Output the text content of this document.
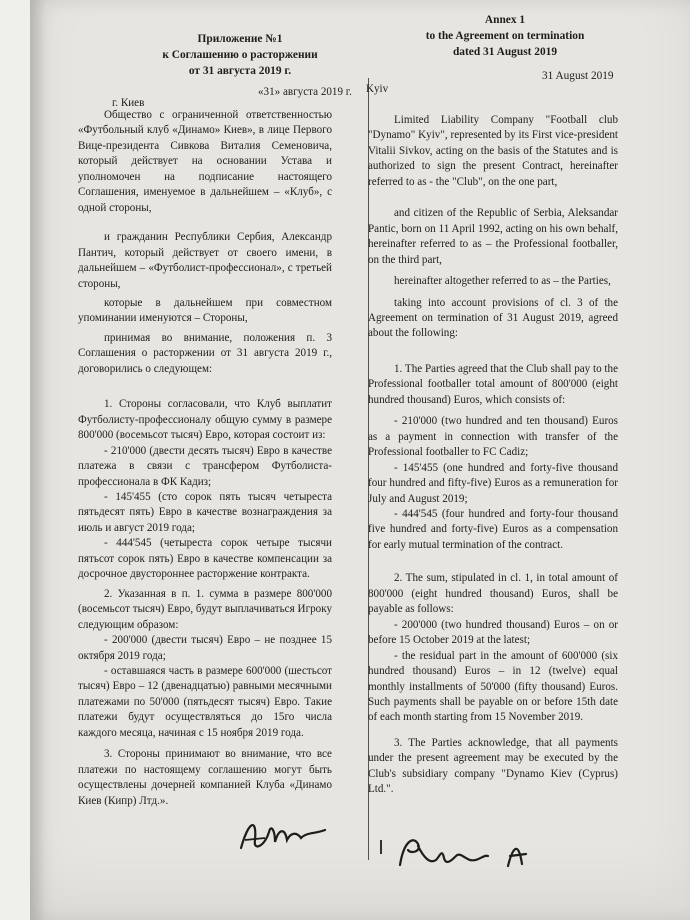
Приложение №1
к Соглашению о расторжении
от 31 августа 2019 г.
Annex 1
to the Agreement on termination
dated 31 August 2019
г. Киев
«31» августа 2019 г.
31 August 2019

Общество с ограниченной ответственностью «Футбольный клуб «Динамо» Киев», в лице Первого Вице-президента Сивкова Виталия Семеновича, который действует на основании Устава и уполномочен на подписание настоящего Соглашения, именуемое в дальнейшем – «Клуб», с одной стороны,

и гражданин Республики Сербия, Александр Пантич, который действует от своего имени, в дальнейшем – «Футболист-профессионал», с третьей стороны,

которые в дальнейшем при совместном упоминании именуются – Стороны,

принимая во внимание, положения п. 3 Соглашения о расторжении от 31 августа 2019 г., договорились о следующем:

1. Стороны согласовали, что Клуб выплатит Футболисту-профессионалу общую сумму в размере 800'000 (восемьсот тысяч) Евро, которая состоит из:

- 210'000 (двести десять тысяч) Евро в качестве платежа в связи с трансфером Футболиста-профессионала в ФК Кадиз;

- 145'455 (сто сорок пять тысяч четыреста пятьдесят пять) Евро в качестве вознаграждения за июль и август 2019 года;

- 444'545 (четыреста сорок четыре тысячи пятьсот сорок пять) Евро в качестве компенсации за досрочное двустороннее расторжение контракта.

2. Указанная в п. 1. сумма в размере 800'000 (восемьсот тысяч) Евро, будут выплачиваться Игроку следующим образом:

- 200'000 (двести тысяч) Евро – не позднее 15 октября 2019 года;

- оставшаяся часть в размере 600'000 (шестьсот тысяч) Евро – 12 (двенадцатью) равными месячными платежами по 50'000 (пятьдесят тысяч) Евро. Такие платежи будут осуществляться до 15го числа каждого месяца, начиная с 15 ноября 2019 года.

3. Стороны принимают во внимание, что все платежи по настоящему соглашению могут быть осуществлены дочерней компанией Клуба «Динамо Киев (Кипр) Лтд.».

Kyiv

Limited Liability Company "Football club "Dynamo" Kyiv", represented by its First vice-president Vitalii Sivkov, acting on the basis of the Statutes and is authorized to sign the present Contract, hereinafter referred to as - the "Club", on the one part,

and citizen of the Republic of Serbia, Aleksandar Pantic, born on 11 April 1992, acting on his own behalf, hereinafter referred to as – the Professional footballer, on the third part,

hereinafter altogether referred to as – the Parties,

taking into account provisions of cl. 3 of the Agreement on termination of 31 August 2019, agreed about the following:

1. The Parties agreed that the Club shall pay to the Professional footballer total amount of 800'000 (eight hundred thousand) Euros, which consists of:

- 210'000 (two hundred and ten thousand) Euros as a payment in connection with transfer of the Professional footballer to FC Cadiz;

- 145'455 (one hundred and forty-five thousand four hundred and fifty-five) Euros as a remuneration for July and August 2019;

- 444'545 (four hundred and forty-four thousand five hundred and forty-five) Euros as a compensation for early mutual termination of the contract.

2. The sum, stipulated in cl. 1, in total amount of 800'000 (eight hundred thousand) Euros, shall be payable as follows:

- 200'000 (two hundred thousand) Euros – on or before 15 October 2019 at the latest;

- the residual part in the amount of 600'000 (six hundred thousand) Euros – in 12 (twelve) equal monthly installments of 50'000 (fifty thousand) Euros. Such payments shall be payable on or before 15th date of each month starting from 15 November 2019.

3. The Parties acknowledge, that all payments under the present agreement may be executed by the Club's subsidiary company "Dynamo Kiev (Cyprus) Ltd.".
